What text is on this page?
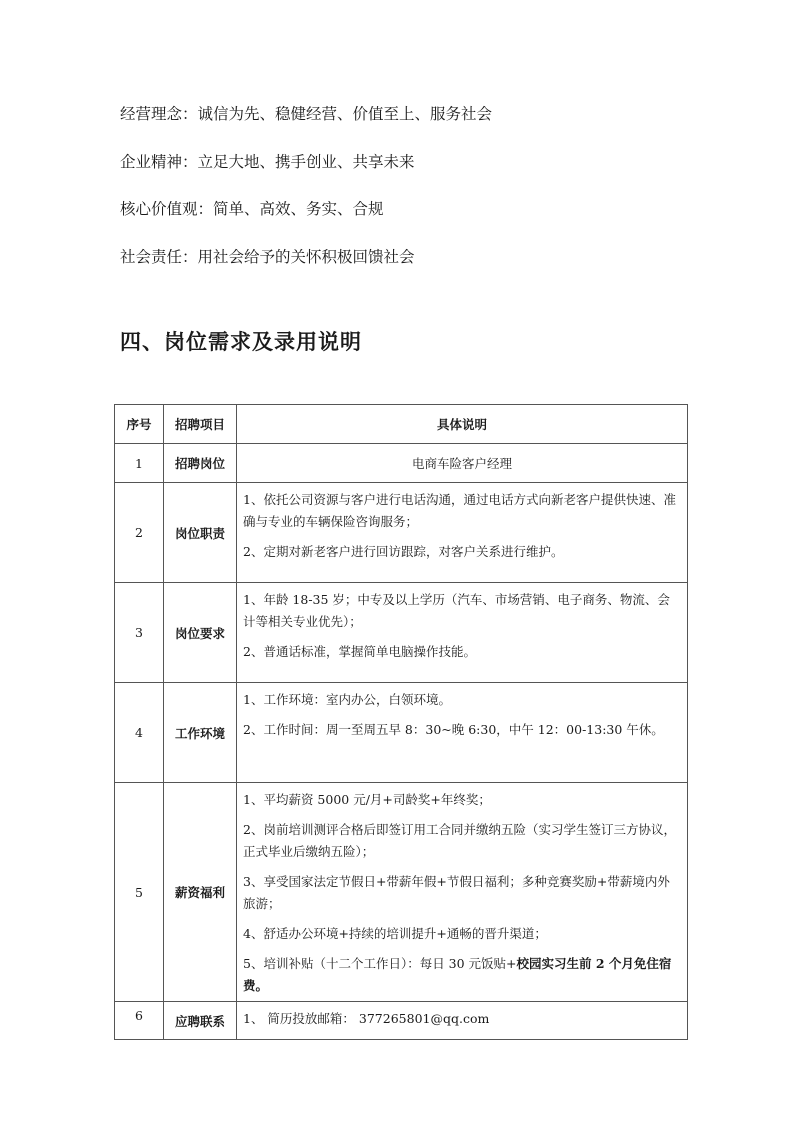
经营理念：诚信为先、稳健经营、价值至上、服务社会

企业精神：立足大地、携手创业、共享未来

核心价值观：简单、高效、务实、合规

社会责任：用社会给予的关怀积极回馈社会

四、岗位需求及录用说明
序号	招聘项目	具体说明
1	招聘岗位	电商车险客户经理
2	岗位职责	1、依托公司资源与客户进行电话沟通，通过电话方式向新老客户提供快速、准确与专业的车辆保险咨询服务；

2、定期对新老客户进行回访跟踪，对客户关系进行维护。

3	岗位要求	1、年龄 18-35 岁；中专及以上学历（汽车、市场营销、电子商务、物流、会计等相关专业优先）；

2、普通话标准，掌握简单电脑操作技能。

4	工作环境	1、工作环境：室内办公，白领环境。

2、工作时间：周一至周五早 8：30~晚 6:30，中午 12：00-13:30 午休。

5	薪资福利	1、平均薪资 5000 元/月+司龄奖+年终奖；

2、岗前培训测评合格后即签订用工合同并缴纳五险（实习学生签订三方协议，正式毕业后缴纳五险）；

3、享受国家法定节假日+带薪年假+节假日福利；多种竞赛奖励+带薪境内外旅游；

4、舒适办公环境+持续的培训提升+通畅的晋升渠道；

5、培训补贴（十二个工作日）：每日 30 元饭贴+校园实习生前 2 个月免住宿费。

6	应聘联系	1、 简历投放邮箱： 377265801@qq.com
